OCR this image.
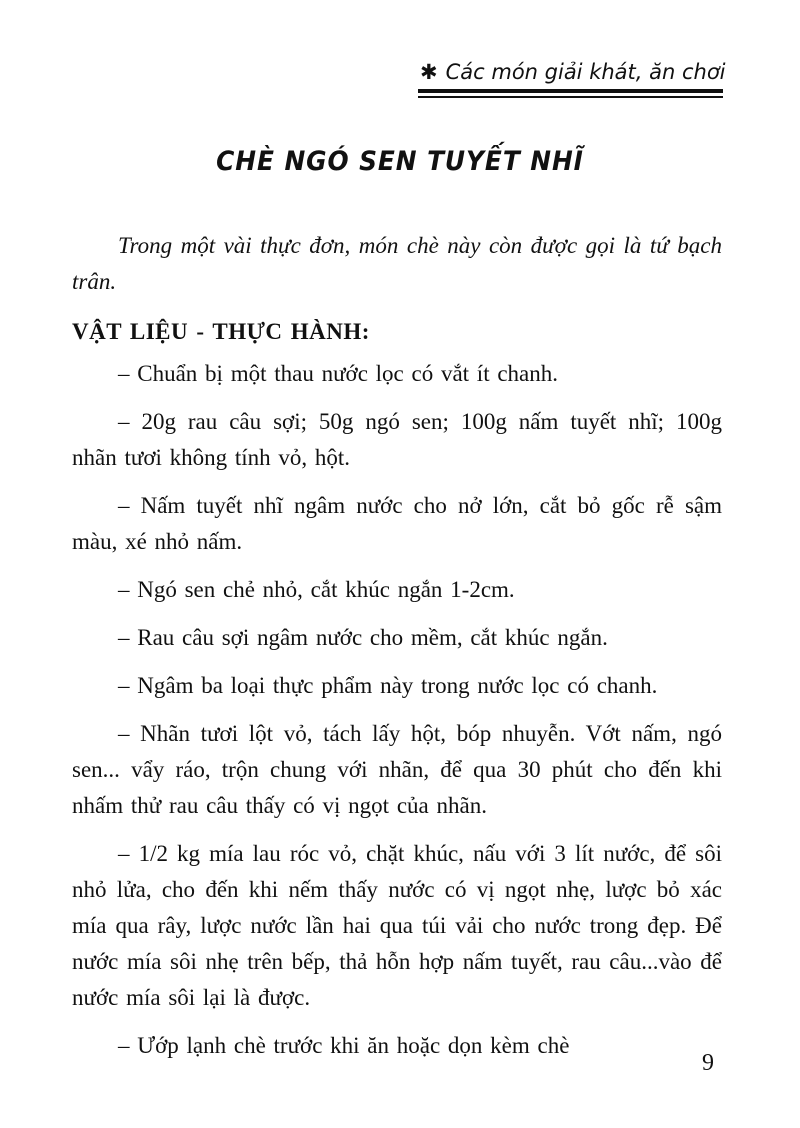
✱ Các món giải khát, ăn chơi
CHÈ NGÓ SEN TUYẾT NHĨ

Trong một vài thực đơn, món chè này còn được gọi là tứ bạch trân.

VẬT LIỆU - THỰC HÀNH:

– Chuẩn bị một thau nước lọc có vắt ít chanh.

– 20g rau câu sợi; 50g ngó sen; 100g nấm tuyết nhĩ; 100g nhãn tươi không tính vỏ, hột.

– Nấm tuyết nhĩ ngâm nước cho nở lớn, cắt bỏ gốc rễ sậm màu, xé nhỏ nấm.

– Ngó sen chẻ nhỏ, cắt khúc ngắn 1-2cm.

– Rau câu sợi ngâm nước cho mềm, cắt khúc ngắn.

– Ngâm ba loại thực phẩm này trong nước lọc có chanh.

– Nhãn tươi lột vỏ, tách lấy hột, bóp nhuyễn. Vớt nấm, ngó sen... vẩy ráo, trộn chung với nhãn, để qua 30 phút cho đến khi nhấm thử rau câu thấy có vị ngọt của nhãn.

– 1/2 kg mía lau róc vỏ, chặt khúc, nấu với 3 lít nước, để sôi nhỏ lửa, cho đến khi nếm thấy nước có vị ngọt nhẹ, lược bỏ xác mía qua rây, lược nước lần hai qua túi vải cho nước trong đẹp. Để nước mía sôi nhẹ trên bếp, thả hỗn hợp nấm tuyết, rau câu...vào để nước mía sôi lại là được.

– Ướp lạnh chè trước khi ăn hoặc dọn kèm chè

9
